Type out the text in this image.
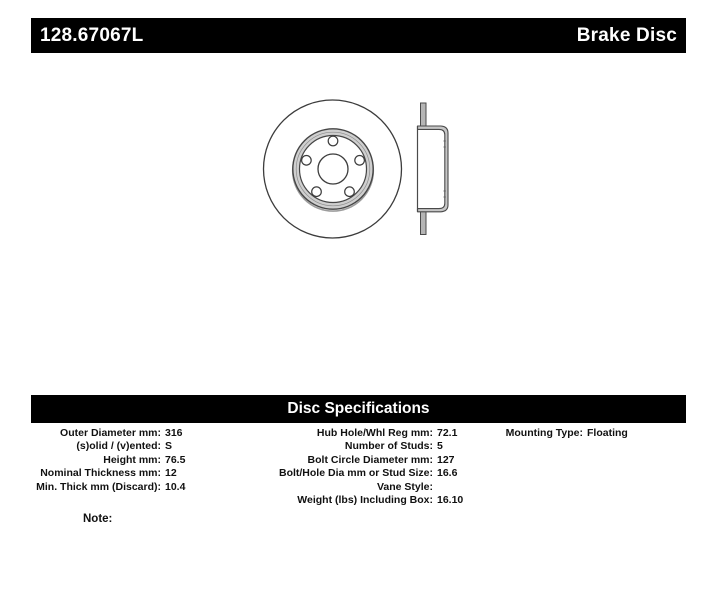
128.67067L	Brake Disc
Disc Specifications
Outer Diameter mm: 316
(s)olid / (v)ented: S
Height mm: 76.5
Nominal Thickness mm: 12
Min. Thick mm (Discard): 10.4
Hub Hole/Whl Reg mm: 72.1
Number of Studs: 5
Bolt Circle Diameter mm: 127
Bolt/Hole Dia mm or Stud Size: 16.6
Vane Style:
Weight (lbs) Including Box: 16.10
Mounting Type: Floating
Note:
